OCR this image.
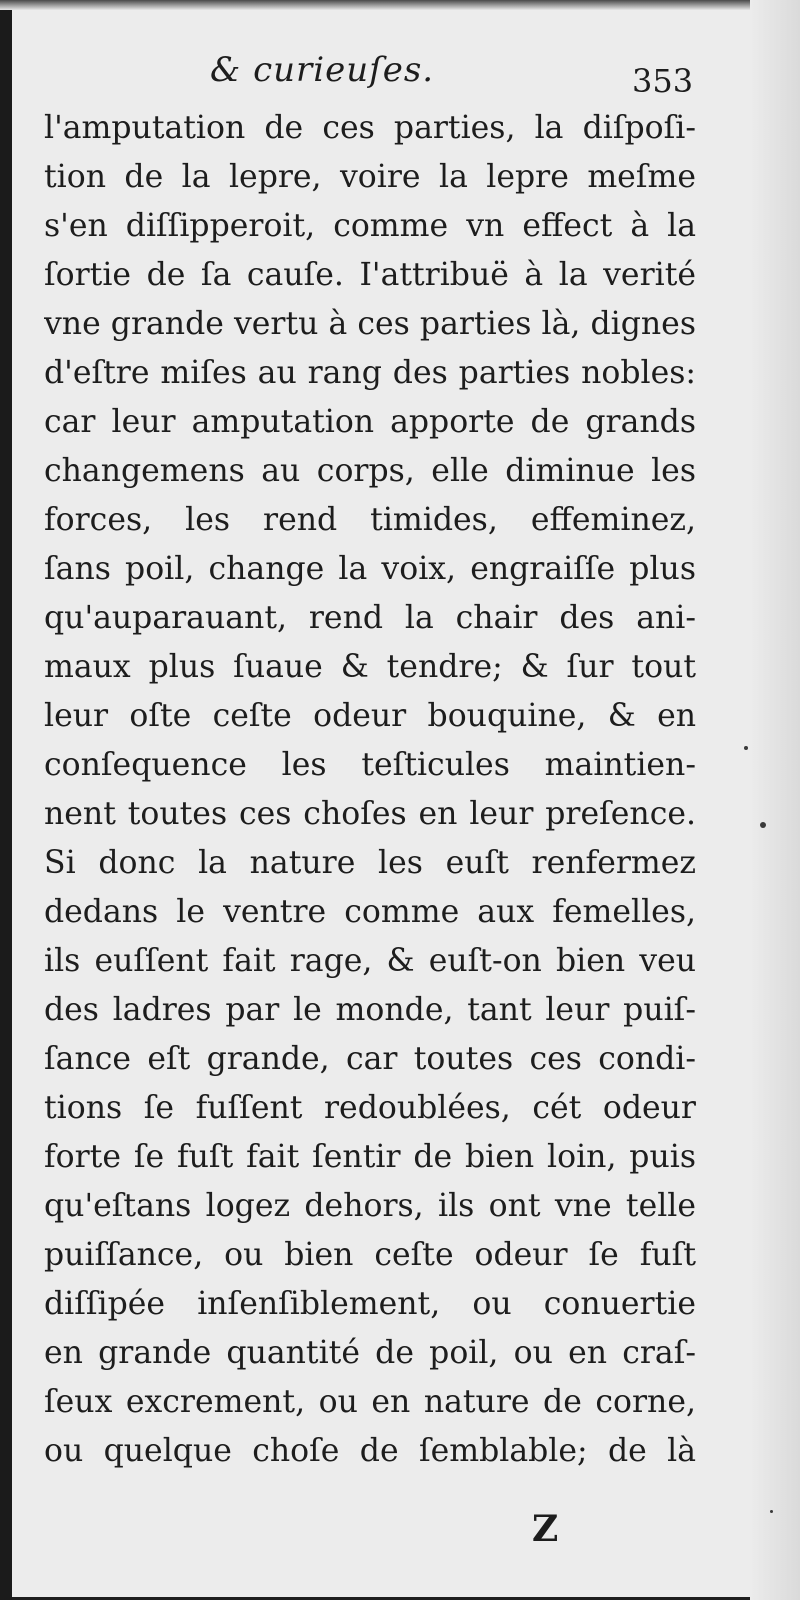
& curieuſes.	353
l'amputation de ces parties, la diſpoſi-
tion de la lepre, voire la lepre meſme
s'en diſſipperoit, comme vn effect à la
ſortie de ſa cauſe. I'attribuë à la verité
vne grande vertu à ces parties là, dignes
d'eſtre miſes au rang des parties nobles:
car leur amputation apporte de grands
changemens au corps, elle diminue les
forces, les rend timides, effeminez,
ſans poil, change la voix, engraiſſe plus
qu'auparauant, rend la chair des ani-
maux plus ſuaue & tendre; & ſur tout
leur oſte ceſte odeur bouquine, & en
conſequence les teſticules maintien-
nent toutes ces choſes en leur preſence.
Si donc la nature les euſt renfermez
dedans le ventre comme aux femelles,
ils euſſent fait rage, & euſt-on bien veu
des ladres par le monde, tant leur puiſ-
ſance eſt grande, car toutes ces condi-
tions ſe fuſſent redoublées, cét odeur
forte ſe fuſt fait ſentir de bien loin, puis
qu'eſtans logez dehors, ils ont vne telle
puiſſance, ou bien ceſte odeur ſe fuſt
diſſipée inſenſiblement, ou conuertie
en grande quantité de poil, ou en craſ-
ſeux excrement, ou en nature de corne,
ou quelque choſe de ſemblable; de là
Z
